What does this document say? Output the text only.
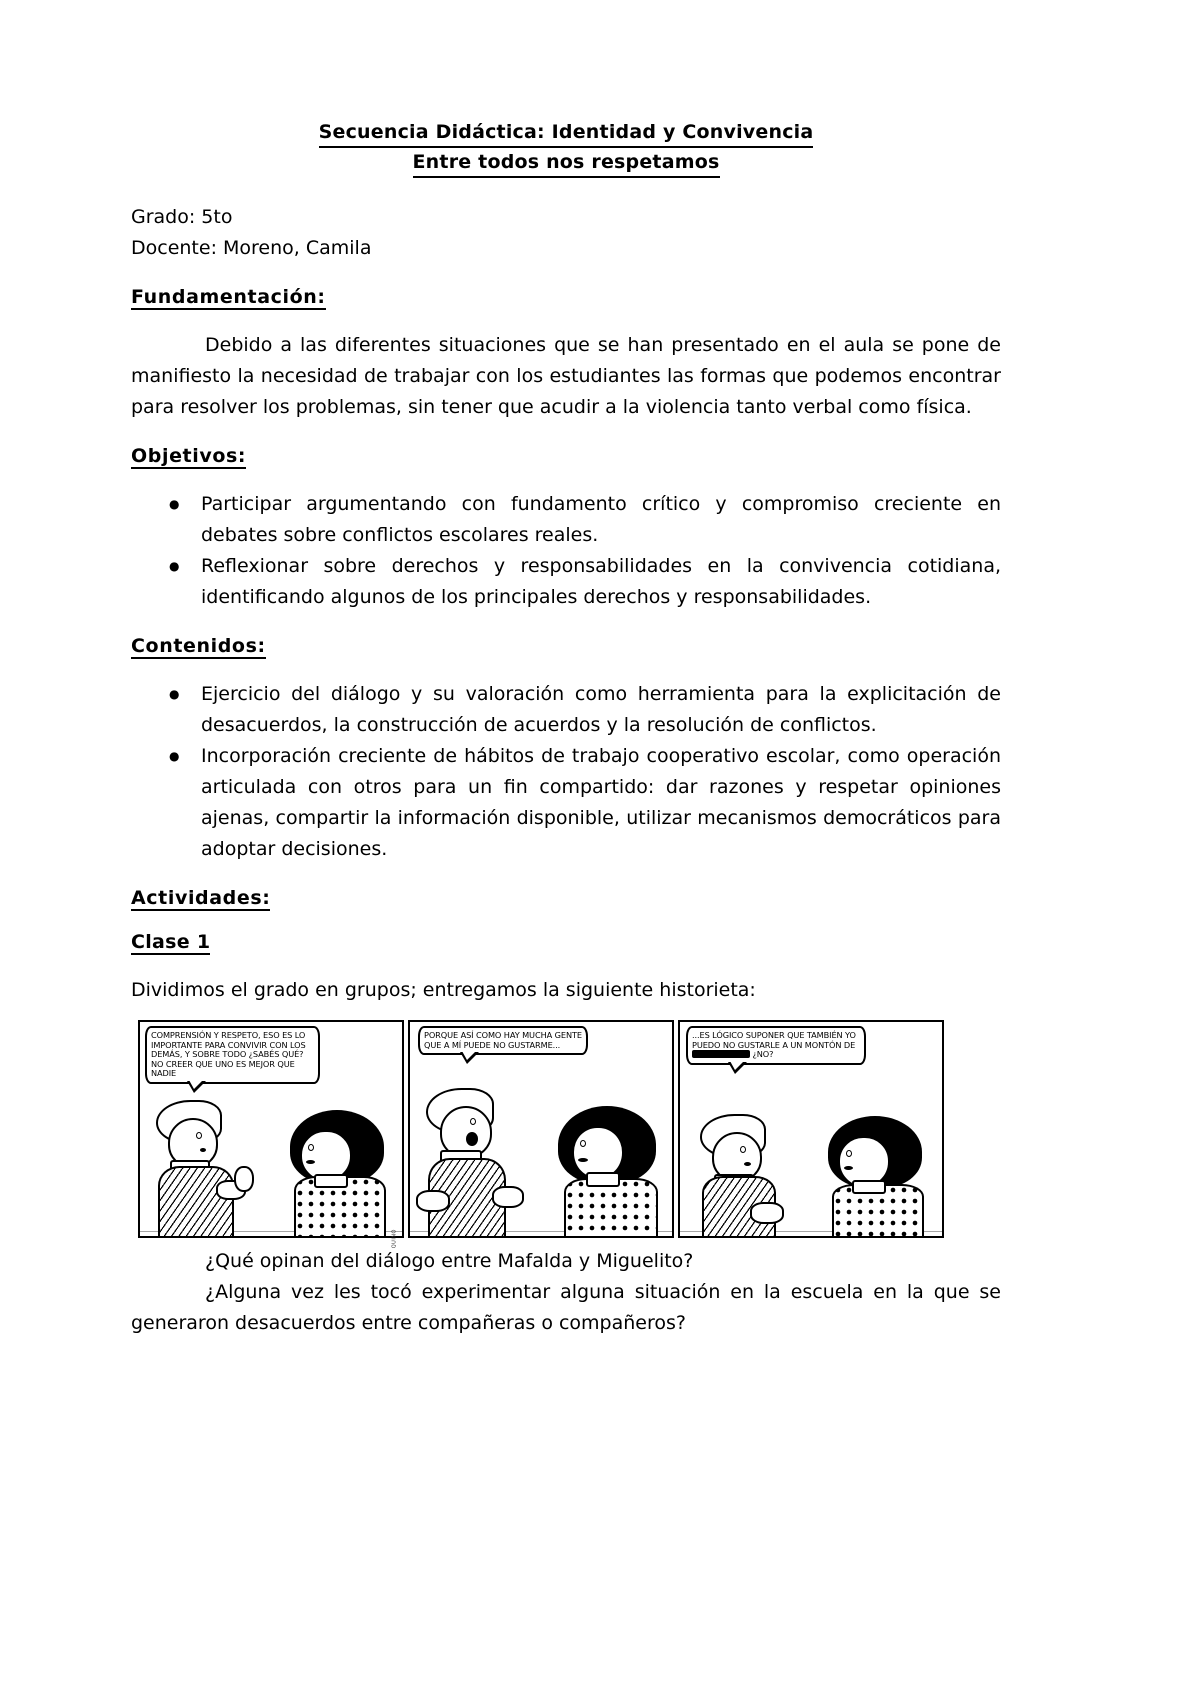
Secuencia Didáctica: Identidad y Convivencia
Entre todos nos respetamos
Grado: 5to
Docente: Moreno, Camila
Fundamentación:

Debido a las diferentes situaciones que se han presentado en el aula se pone de manifiesto la necesidad de trabajar con los estudiantes las formas que podemos encontrar para resolver los problemas, sin tener que acudir a la violencia tanto verbal como física.

Objetivos:
● Participar argumentando con fundamento crítico y compromiso creciente en debates sobre conflictos escolares reales.
● Reflexionar sobre derechos y responsabilidades en la convivencia cotidiana, identificando algunos de los principales derechos y responsabilidades.
Contenidos:
● Ejercicio del diálogo y su valoración como herramienta para la explicitación de desacuerdos, la construcción de acuerdos y la resolución de conflictos.
● Incorporación creciente de hábitos de trabajo cooperativo escolar, como operación articulada con otros para un fin compartido: dar razones y respetar opiniones ajenas, compartir la información disponible, utilizar mecanismos democráticos para adoptar decisiones.
Actividades:
Clase 1
Dividimos el grado en grupos; entregamos la siguiente historieta:
COMPRENSIÓN Y RESPETO, ESO ES LO IMPORTANTE PARA CONVIVIR CON LOS DEMÁS, Y SOBRE TODO ¿SABÉS QUÉ? NO CREER QUE UNO ES MEJOR QUE NADIE
QUINO
PORQUE ASÍ COMO HAY MUCHA GENTE QUE A MÍ PUEDE NO GUSTARME...
...ES LÓGICO SUPONER QUE TAMBIÉN YO PUEDO NO GUSTARLE A UN MONTÓN DE ¿NO?

¿Qué opinan del diálogo entre Mafalda y Miguelito?

¿Alguna vez les tocó experimentar alguna situación en la escuela en la que se generaron desacuerdos entre compañeras o compañeros?
